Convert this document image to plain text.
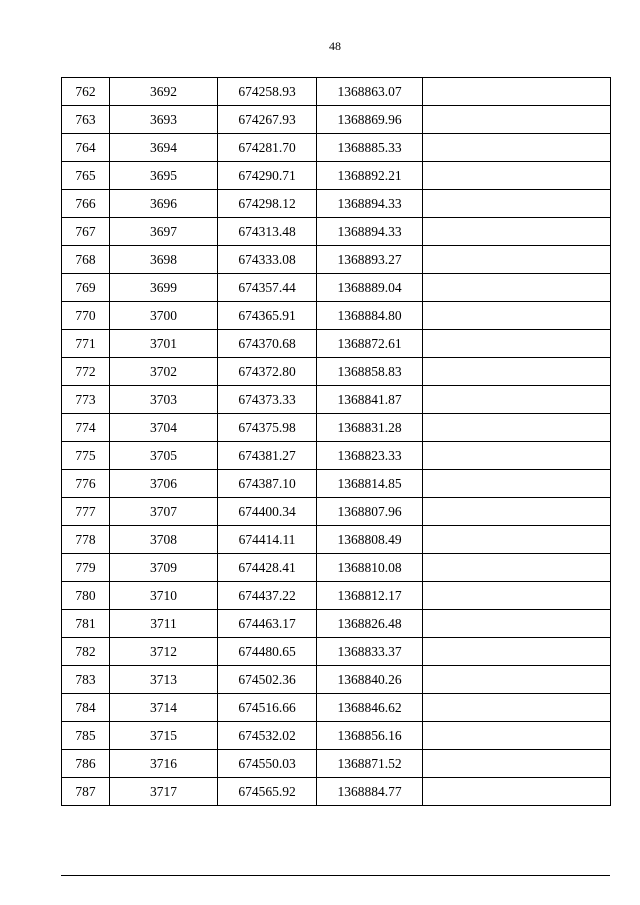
48
762	3692	674258.93	1368863.07	
763	3693	674267.93	1368869.96	
764	3694	674281.70	1368885.33	
765	3695	674290.71	1368892.21	
766	3696	674298.12	1368894.33	
767	3697	674313.48	1368894.33	
768	3698	674333.08	1368893.27	
769	3699	674357.44	1368889.04	
770	3700	674365.91	1368884.80	
771	3701	674370.68	1368872.61	
772	3702	674372.80	1368858.83	
773	3703	674373.33	1368841.87	
774	3704	674375.98	1368831.28	
775	3705	674381.27	1368823.33	
776	3706	674387.10	1368814.85	
777	3707	674400.34	1368807.96	
778	3708	674414.11	1368808.49	
779	3709	674428.41	1368810.08	
780	3710	674437.22	1368812.17	
781	3711	674463.17	1368826.48	
782	3712	674480.65	1368833.37	
783	3713	674502.36	1368840.26	
784	3714	674516.66	1368846.62	
785	3715	674532.02	1368856.16	
786	3716	674550.03	1368871.52	
787	3717	674565.92	1368884.77	
